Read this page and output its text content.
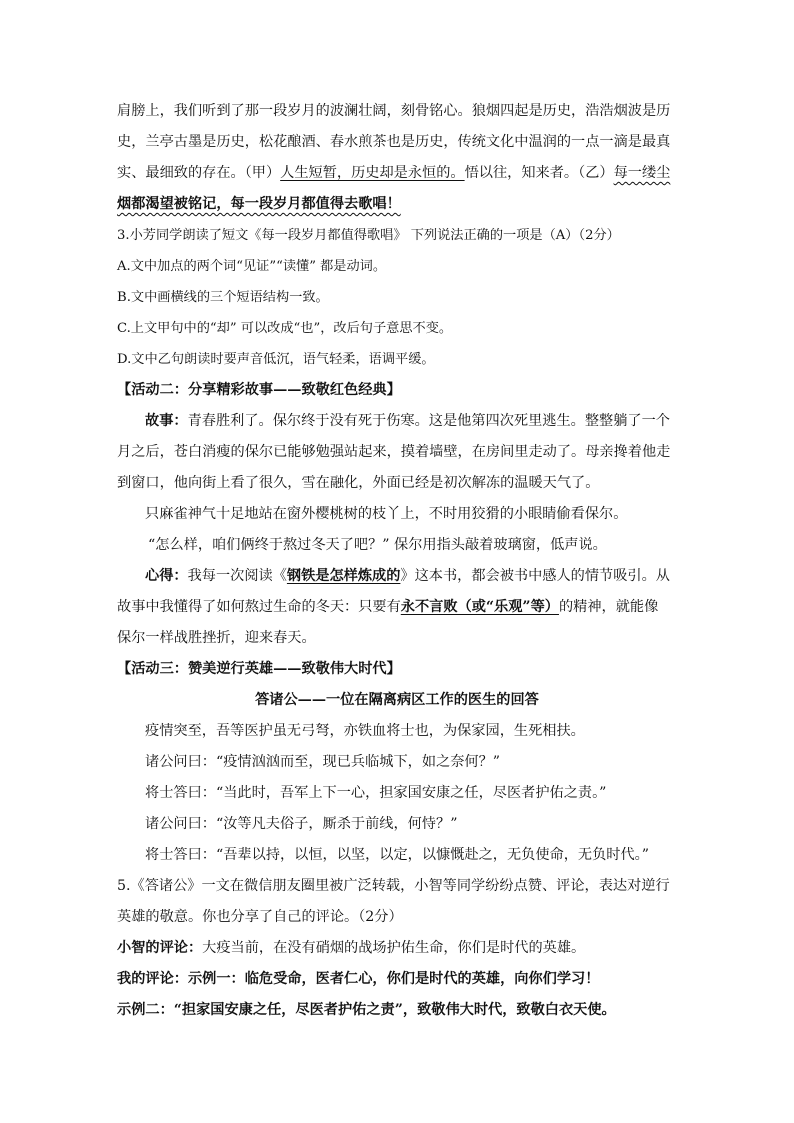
肩膀上，我们听到了那一段岁月的波澜壮阔，刻骨铭心。狼烟四起是历史，浩浩烟波是历
史，兰亭古墨是历史，松花酿酒、春水煎茶也是历史，传统文化中温润的一点一滴是最真
实、最细致的存在。（甲）人生短暂，历史却是永恒的。悟以往，知来者。（乙）每一缕尘
烟都渴望被铭记，每一段岁月都值得去歌唱！
3.小芳同学朗读了短文《每一段岁月都值得歌唱》 下列说法正确的一项是（A）（2分）
A.文中加点的两个词“见证”“读懂” 都是动词。
B.文中画横线的三个短语结构一致。
C.上文甲句中的“却” 可以改成“也”，改后句子意思不变。
D.文中乙句朗读时要声音低沉，语气轻柔，语调平缓。
【活动二：分享精彩故事——致敬红色经典】
故事：青春胜利了。保尔终于没有死于伤寒。这是他第四次死里逃生。整整躺了一个
月之后，苍白消瘦的保尔已能够勉强站起来，摸着墙壁，在房间里走动了。母亲搀着他走
到窗口，他向街上看了很久，雪在融化，外面已经是初次解冻的温暖天气了。
只麻雀神气十足地站在窗外樱桃树的枝丫上，不时用狡猾的小眼睛偷看保尔。
“怎么样，咱们俩终于熬过冬天了吧？” 保尔用指头敲着玻璃窗，低声说。
心得：我每一次阅读《钢铁是怎样炼成的》这本书，都会被书中感人的情节吸引。从
故事中我懂得了如何熬过生命的冬天：只要有永不言败（或“乐观”等）的精神，就能像
保尔一样战胜挫折，迎来春天。
【活动三：赞美逆行英雄——致敬伟大时代】
答诸公——一位在隔离病区工作的医生的回答
疫情突至，吾等医护虽无弓弩，亦铁血将士也，为保家园，生死相扶。
诸公问曰：“疫情汹汹而至，现已兵临城下，如之奈何？”
将士答曰：“当此时，吾军上下一心，担家国安康之任，尽医者护佑之责。”
诸公问曰：“汝等凡夫俗子，厮杀于前线，何恃？”
将士答曰：“吾辈以持，以恒，以坚，以定，以慷慨赴之，无负使命，无负时代。”
5.《答诸公》一文在微信朋友圈里被广泛转载，小智等同学纷纷点赞、评论，表达对逆行
英雄的敬意。你也分享了自己的评论。（2分）
小智的评论：大疫当前，在没有硝烟的战场护佑生命，你们是时代的英雄。
我的评论：示例一：临危受命，医者仁心，你们是时代的英雄，向你们学习！
示例二：“担家国安康之任，尽医者护佑之责”，致敬伟大时代，致敬白衣天使。
